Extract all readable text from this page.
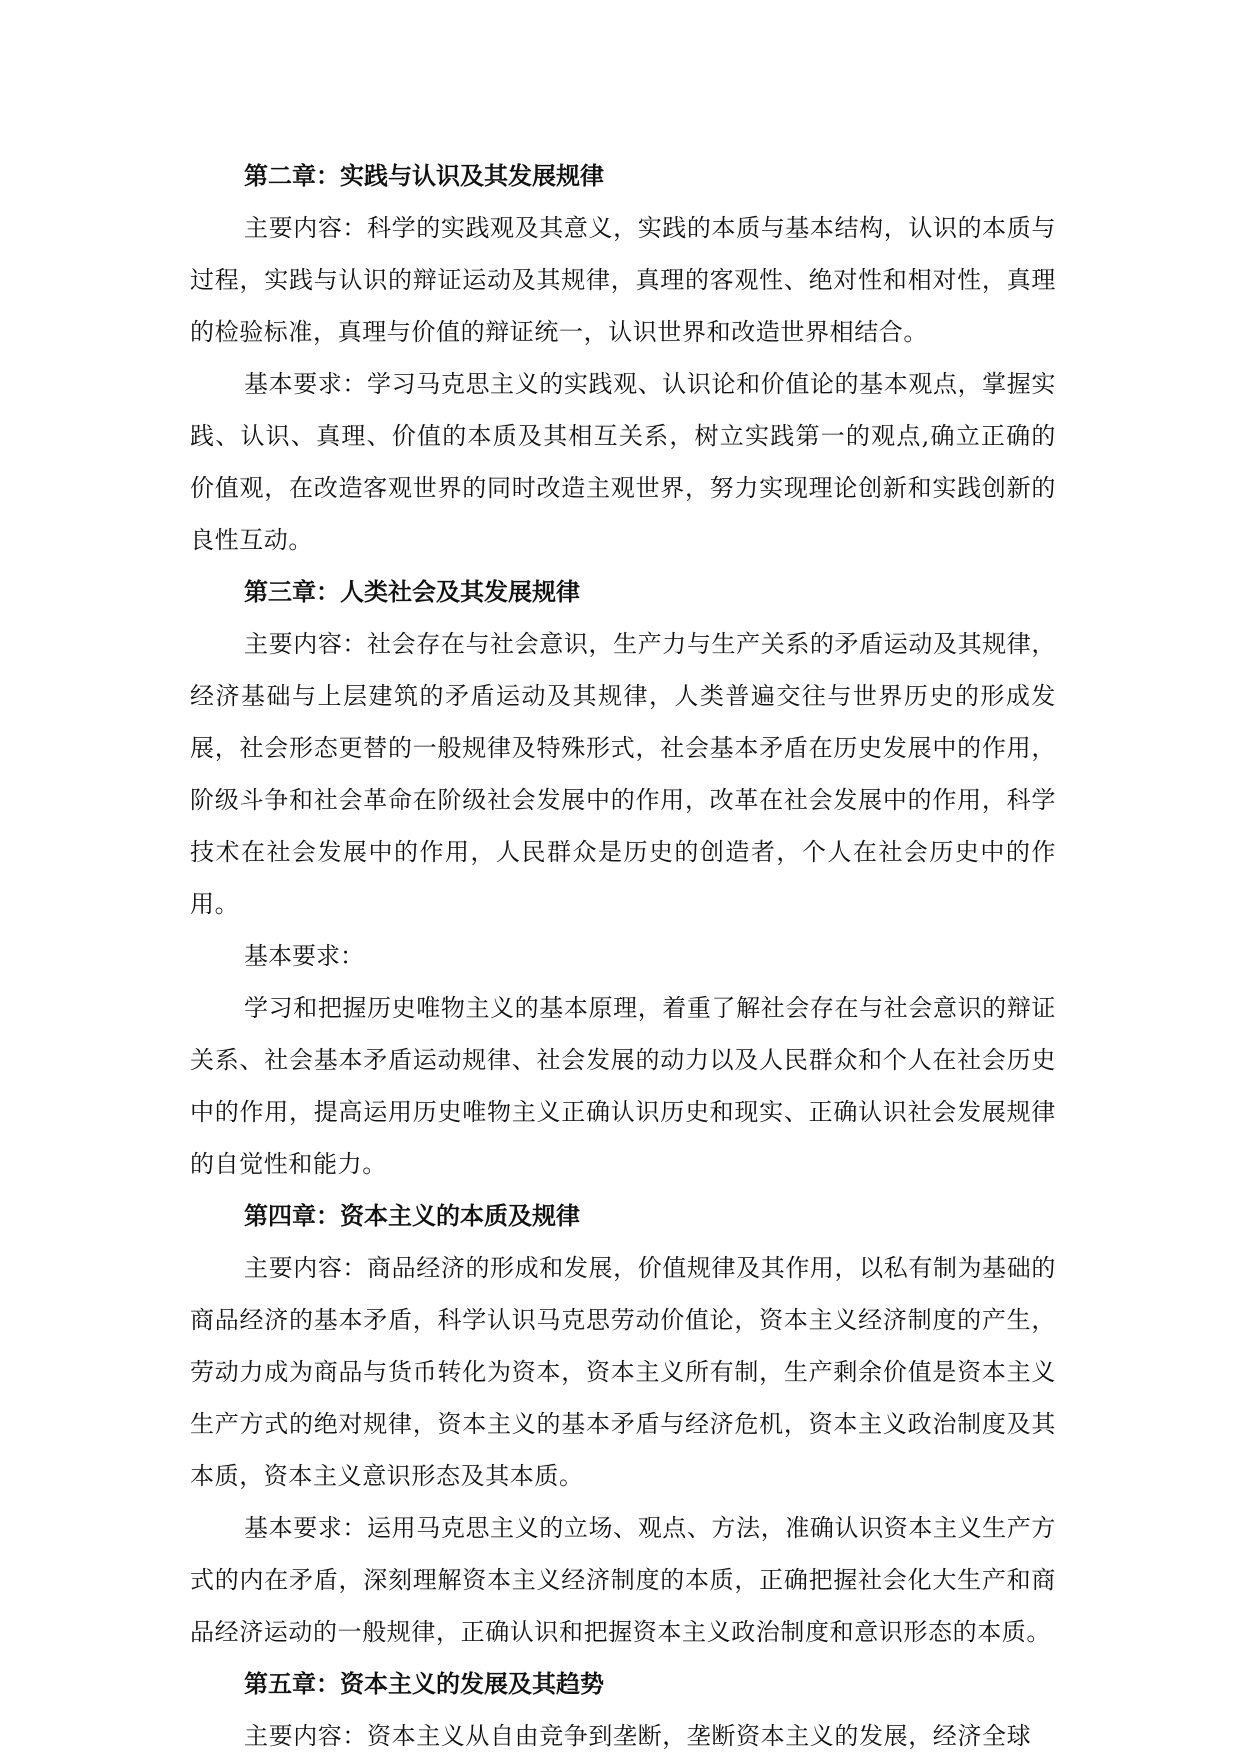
第二章：实践与认识及其发展规律

主要内容：科学的实践观及其意义，实践的本质与基本结构，认识的本质与过程，实践与认识的辩证运动及其规律，真理的客观性、绝对性和相对性，真理的检验标准，真理与价值的辩证统一，认识世界和改造世界相结合。

基本要求：学习马克思主义的实践观、认识论和价值论的基本观点，掌握实践、认识、真理、价值的本质及其相互关系，树立实践第一的观点,确立正确的价值观，在改造客观世界的同时改造主观世界，努力实现理论创新和实践创新的良性互动。

第三章：人类社会及其发展规律

主要内容：社会存在与社会意识，生产力与生产关系的矛盾运动及其规律，经济基础与上层建筑的矛盾运动及其规律，人类普遍交往与世界历史的形成发展，社会形态更替的一般规律及特殊形式，社会基本矛盾在历史发展中的作用，阶级斗争和社会革命在阶级社会发展中的作用，改革在社会发展中的作用，科学技术在社会发展中的作用，人民群众是历史的创造者，个人在社会历史中的作用。

基本要求：

学习和把握历史唯物主义的基本原理，着重了解社会存在与社会意识的辩证关系、社会基本矛盾运动规律、社会发展的动力以及人民群众和个人在社会历史中的作用，提高运用历史唯物主义正确认识历史和现实、正确认识社会发展规律的自觉性和能力。

第四章：资本主义的本质及规律

主要内容：商品经济的形成和发展，价值规律及其作用，以私有制为基础的商品经济的基本矛盾，科学认识马克思劳动价值论，资本主义经济制度的产生，劳动力成为商品与货币转化为资本，资本主义所有制，生产剩余价值是资本主义生产方式的绝对规律，资本主义的基本矛盾与经济危机，资本主义政治制度及其本质，资本主义意识形态及其本质。

基本要求：运用马克思主义的立场、观点、方法，准确认识资本主义生产方式的内在矛盾，深刻理解资本主义经济制度的本质，正确把握社会化大生产和商品经济运动的一般规律，正确认识和把握资本主义政治制度和意识形态的本质。

第五章：资本主义的发展及其趋势

主要内容：资本主义从自由竞争到垄断，垄断资本主义的发展，经济全球
